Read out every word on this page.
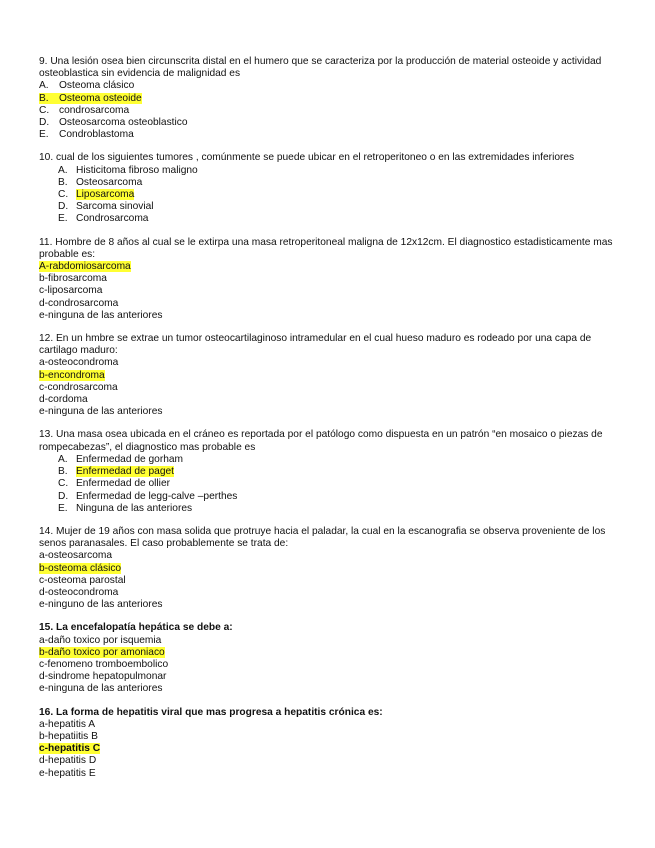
9. Una lesión osea bien circunscrita distal en el humero que se caracteriza por la producción de material osteoide y actividad osteoblastica sin evidencia de malignidad es

A. Osteoma clásico

B. Osteoma osteoide

C. condrosarcoma

D. Osteosarcoma osteoblastico

E. Condroblastoma

10. cual de los siguientes tumores , comúnmente se puede ubicar en el retroperitoneo o en las extremidades inferiores

A. Histicitoma fibroso maligno

B. Osteosarcoma

C. Liposarcoma

D. Sarcoma sinovial

E. Condrosarcoma

11. Hombre de 8 años al cual se le extirpa una masa retroperitoneal maligna de 12x12cm. El diagnostico estadisticamente mas probable es:

A-rabdomiosarcoma

b-fibrosarcoma

c-liposarcoma

d-condrosarcoma

e-ninguna de las anteriores

12. En un hmbre se extrae un tumor osteocartilaginoso intramedular en el cual hueso maduro es rodeado por una capa de cartilago maduro:

a-osteocondroma

b-encondroma

c-condrosarcoma

d-cordoma

e-ninguna de las anteriores

13. Una masa osea ubicada en el cráneo es reportada por el patólogo como dispuesta en un patrón “en mosaico o piezas de rompecabezas”, el diagnostico mas probable es

A. Enfermedad de gorham

B. Enfermedad de paget

C. Enfermedad de ollier

D. Enfermedad de legg-calve –perthes

E. Ninguna de las anteriores

14. Mujer de 19 años con masa solida que protruye hacia el paladar, la cual en la escanografia se observa proveniente de los senos paranasales. El caso probablemente se trata de:

a-osteosarcoma

b-osteoma clásico

c-osteoma parostal

d-osteocondroma

e-ninguno de las anteriores

15. La encefalopatía hepática se debe a:

a-daño toxico por isquemia

b-daño toxico por amoniaco

c-fenomeno tromboembolico

d-sindrome hepatopulmonar

e-ninguna de las anteriores

16. La forma de hepatitis viral que mas progresa a hepatitis crónica es:

a-hepatitis A

b-hepatiitis B

c-hepatitis C

d-hepatitis D

e-hepatitis E
